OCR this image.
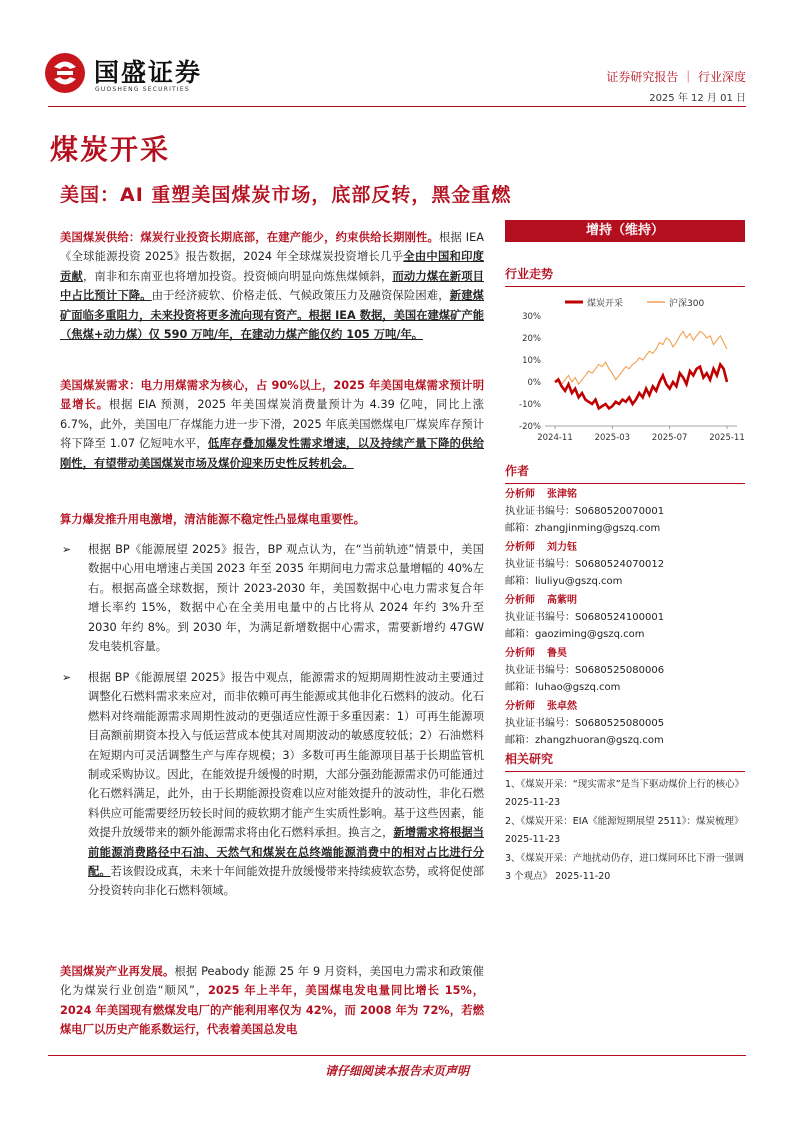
国盛证券
GUOSHENG SECURITIES
证券研究报告 ｜ 行业深度
2025 年 12 月 01 日
煤炭开采
美国：AI 重塑美国煤炭市场，底部反转，黑金重燃
美国煤炭供给：煤炭行业投资长期底部，在建产能少，约束供给长期刚性。根据 IEA《全球能源投资 2025》报告数据，2024 年全球煤炭投资增长几乎全由中国和印度贡献，南非和东南亚也将增加投资。投资倾向明显向炼焦煤倾斜，而动力煤在新项目中占比预计下降。由于经济疲软、价格走低、气候政策压力及融资保险困难，新建煤矿面临多重阻力，未来投资将更多流向现有资产。根据 IEA 数据，美国在建煤矿产能（焦煤+动力煤）仅 590 万吨/年，在建动力煤产能仅约 105 万吨/年。
美国煤炭需求：电力用煤需求为核心，占 90%以上，2025 年美国电煤需求预计明显增长。根据 EIA 预测，2025 年美国煤炭消费量预计为 4.39 亿吨，同比上涨 6.7%，此外，美国电厂存煤能力进一步下滑，2025 年底美国燃煤电厂煤炭库存预计将下降至 1.07 亿短吨水平，低库存叠加爆发性需求增速，以及持续产量下降的供给刚性，有望带动美国煤炭市场及煤价迎来历史性反转机会。
算力爆发推升用电激增，清洁能源不稳定性凸显煤电重要性。
➢ 根据 BP《能源展望 2025》报告，BP 观点认为，在“当前轨迹”情景中，美国数据中心用电增速占美国 2023 年至 2035 年期间电力需求总量增幅的 40%左右。根据高盛全球数据，预计 2023-2030 年，美国数据中心电力需求复合年增长率约 15%，数据中心在全美用电量中的占比将从 2024 年约 3%升至 2030 年约 8%。到 2030 年，为满足新增数据中心需求，需要新增约 47GW 发电装机容量。
➢ 根据 BP《能源展望 2025》报告中观点，能源需求的短期周期性波动主要通过调整化石燃料需求来应对，而非依赖可再生能源或其他非化石燃料的波动。化石燃料对终端能源需求周期性波动的更强适应性源于多重因素：1）可再生能源项目高额前期资本投入与低运营成本使其对周期波动的敏感度较低；2）石油燃料在短期内可灵活调整生产与库存规模；3）多数可再生能源项目基于长期监管机制或采购协议。因此，在能效提升缓慢的时期，大部分强劲能源需求仍可能通过化石燃料满足，此外，由于长期能源投资难以应对能效提升的波动性，非化石燃料供应可能需要经历较长时间的疲软期才能产生实质性影响。基于这些因素，能效提升放缓带来的额外能源需求将由化石燃料承担。换言之，新增需求将根据当前能源消费路径中石油、天然气和煤炭在总终端能源消费中的相对占比进行分配。若该假设成真，未来十年间能效提升放缓慢带来持续疲软态势，或将促使部分投资转向非化石燃料领域。
美国煤炭产业再发展。根据 Peabody 能源 25 年 9 月资料，美国电力需求和政策催化为煤炭行业创造“顺风”，2025 年上半年，美国煤电发电量同比增长 15%，2024 年美国现有燃煤发电厂的产能利用率仅为 42%，而 2008 年为 72%，若燃煤电厂以历史产能系数运行，代表着美国总发电
增持（维持）
行业走势
煤炭开采	沪深300
30%
20%
10%
0%
-10%
-20%
2024-11	2025-03	2025-07	2025-11
作者
分析师 张津铭
执业证书编号：S0680520070001
邮箱：zhangjinming@gszq.com
分析师 刘力钰
执业证书编号：S0680524070012
邮箱：liuliyu@gszq.com
分析师 高紫明
执业证书编号：S0680524100001
邮箱：gaoziming@gszq.com
分析师 鲁昊
执业证书编号：S0680525080006
邮箱：luhao@gszq.com
分析师 张卓然
执业证书编号：S0680525080005
邮箱：zhangzhuoran@gszq.com
相关研究
1、《煤炭开采：“现实需求”是当下驱动煤价上行的核心》 2025-11-23
2、《煤炭开采：EIA《能源短期展望 2511》：煤炭梳理》 2025-11-23
3、《煤炭开采：产地扰动仍存，进口煤同环比下滑一强调 3 个观点》 2025-11-20
请仔细阅读本报告末页声明
